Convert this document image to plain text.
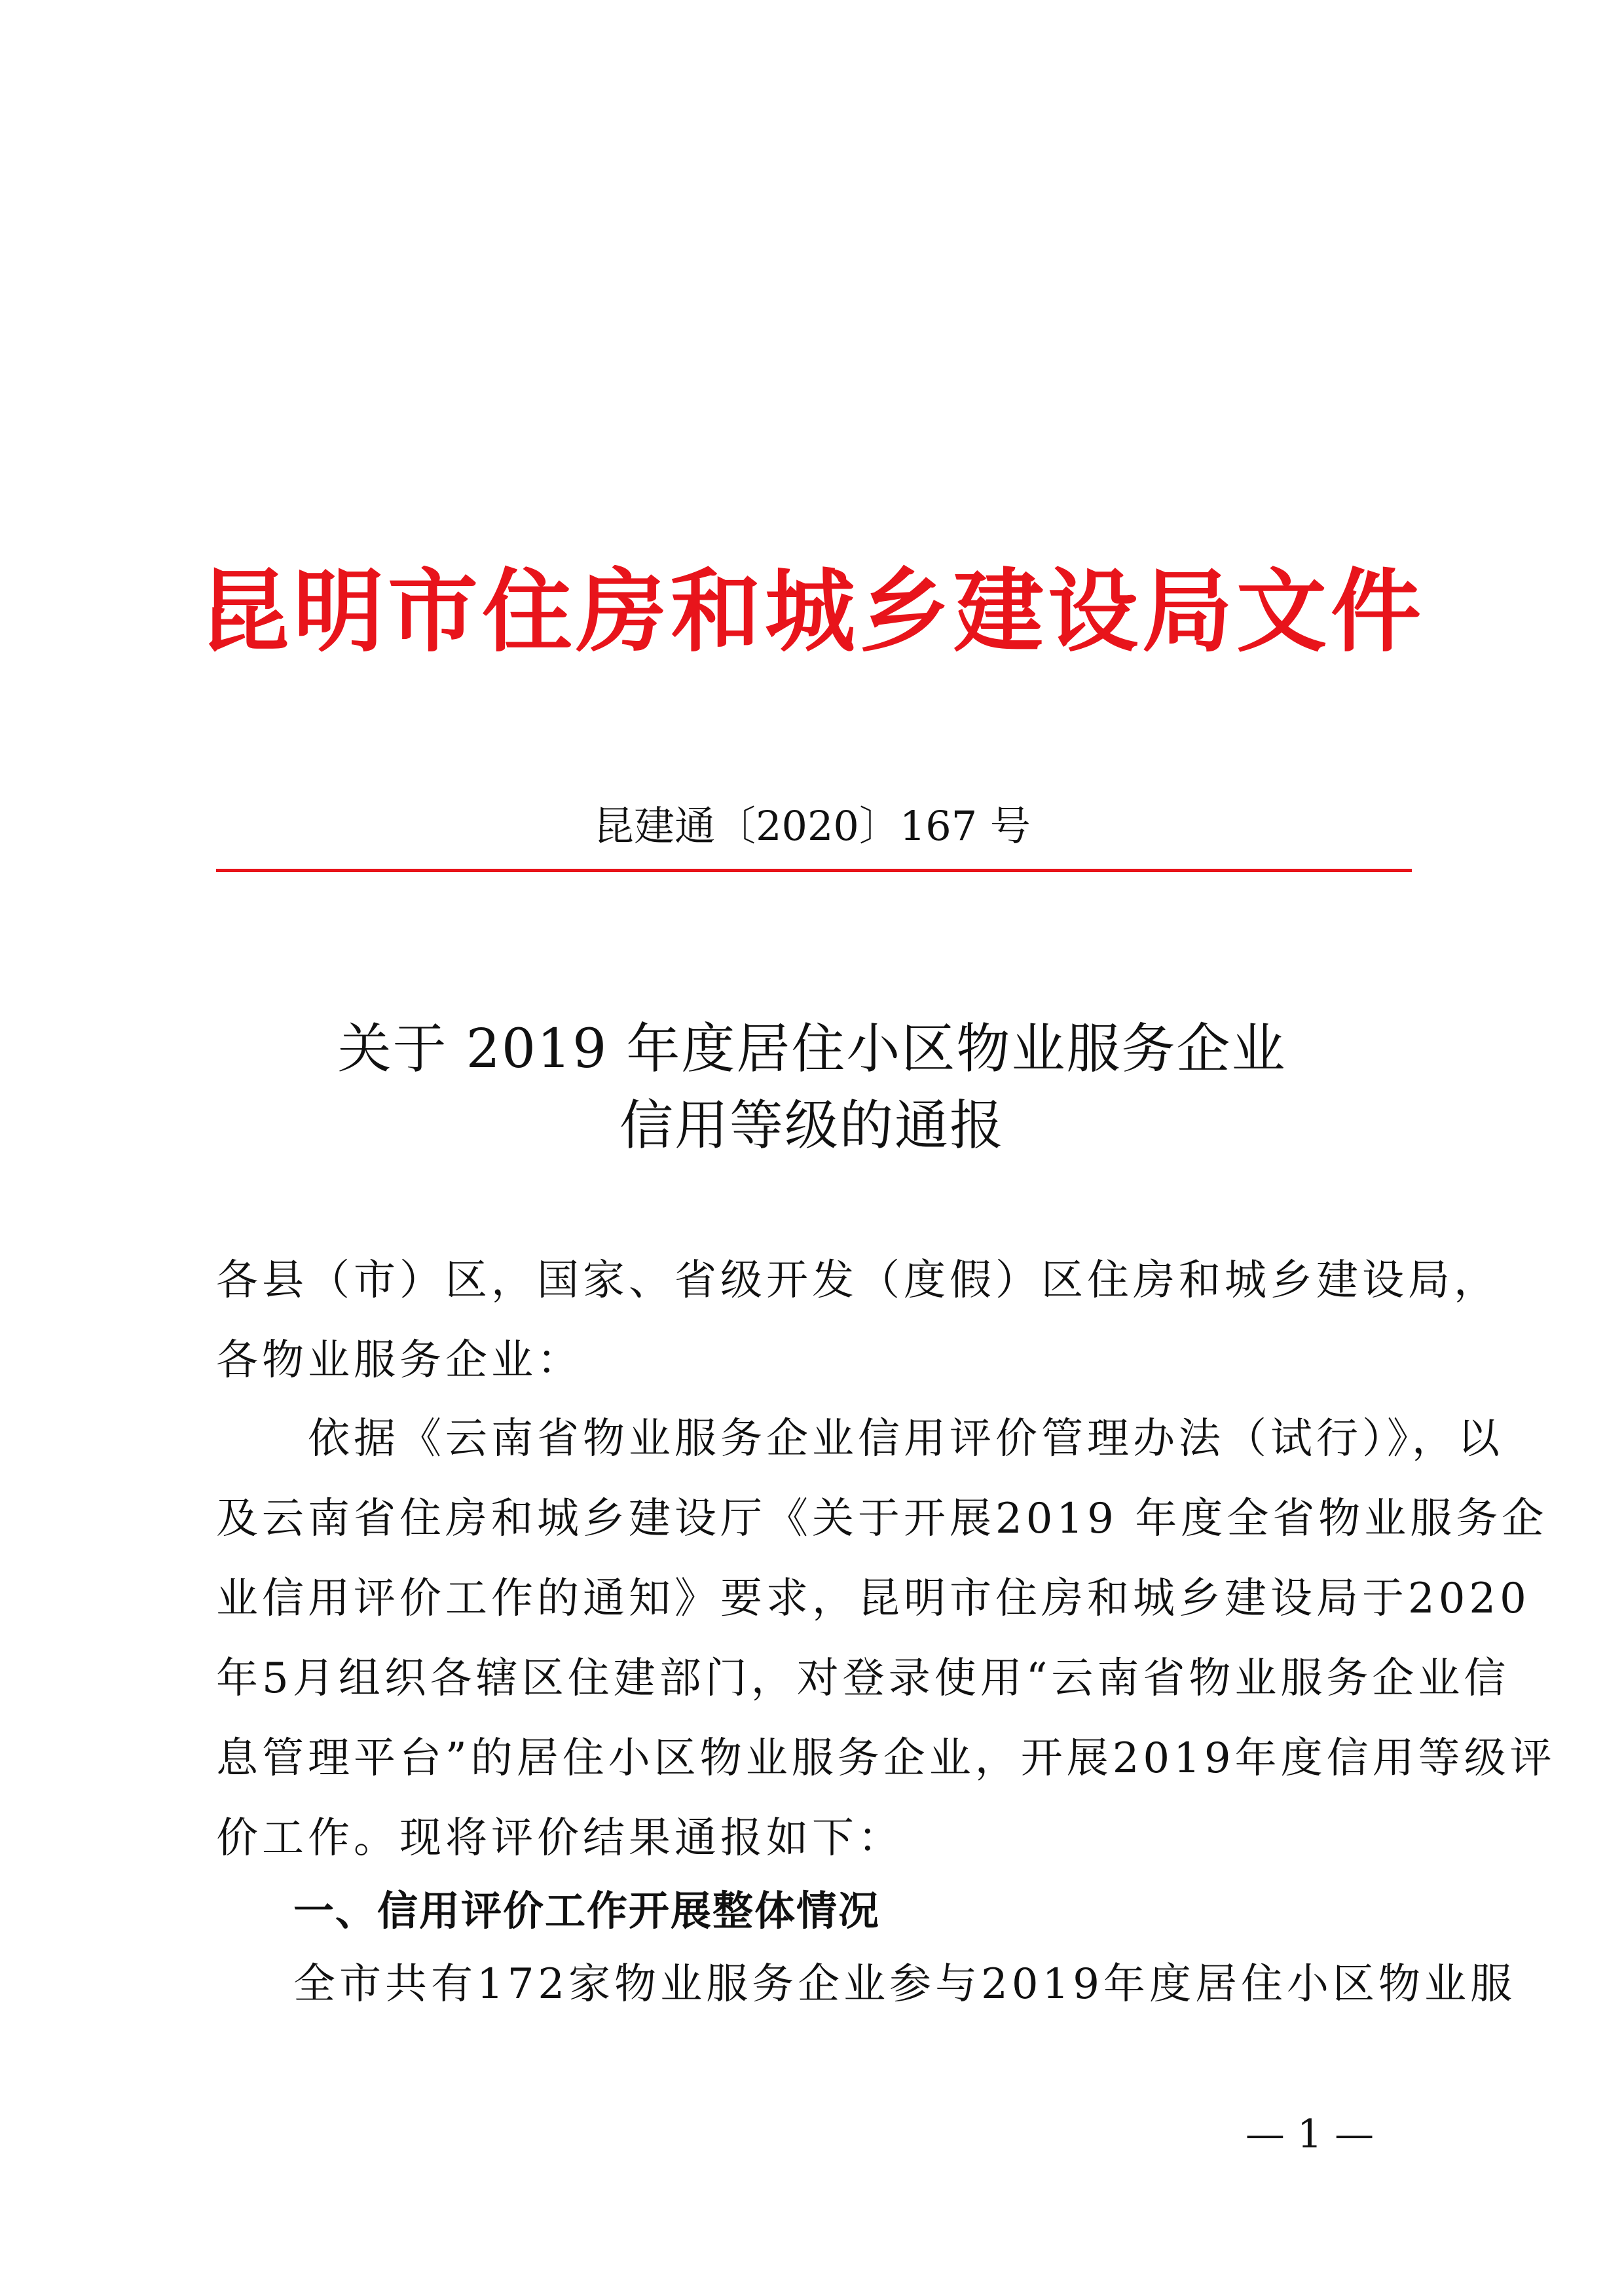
昆明市住房和城乡建设局文件
昆建通〔2020〕167 号
关于 2019 年度居住小区物业服务企业
信用等级的通报
各县（市）区，国家、省级开发（度假）区住房和城乡建设局，
各物业服务企业：
　　依据《云南省物业服务企业信用评价管理办法（试行）》，以
及云南省住房和城乡建设厅《关于开展2019 年度全省物业服务企
业信用评价工作的通知》要求，昆明市住房和城乡建设局于2020
年5月组织各辖区住建部门，对登录使用“云南省物业服务企业信
息管理平台”的居住小区物业服务企业，开展2019年度信用等级评
价工作。现将评价结果通报如下：
一、信用评价工作开展整体情况
全市共有172家物业服务企业参与2019年度居住小区物业服
— 1 —
